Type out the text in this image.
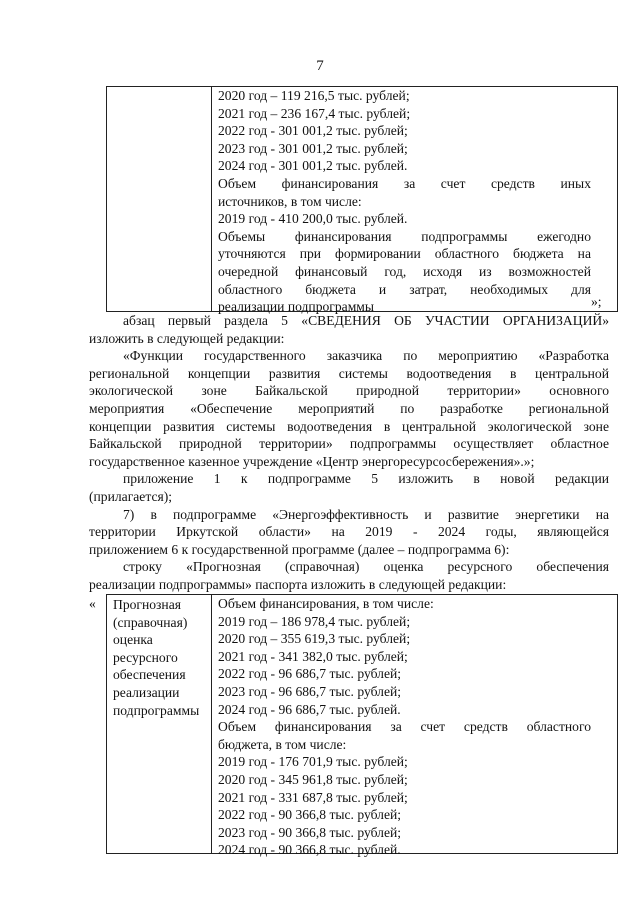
7
2020 год – 119 216,5 тыс. рублей;
2021 год – 236 167,4 тыс. рублей;
2022 год - 301 001,2 тыс. рублей;
2023 год - 301 001,2 тыс. рублей;
2024 год - 301 001,2 тыс. рублей.
Объем финансирования за счет средств иных
источников, в том числе:
2019 год - 410 200,0 тыс. рублей.
Объемы финансирования подпрограммы ежегодно
уточняются при формировании областного бюджета на
очередной финансовый год, исходя из возможностей
областного бюджета и затрат, необходимых для
реализации подпрограммы	»;
абзац первый раздела 5 «СВЕДЕНИЯ ОБ УЧАСТИИ ОРГАНИЗАЦИЙ»
изложить в следующей редакции:
«Функции государственного заказчика по мероприятию «Разработка
региональной концепции развития системы водоотведения в центральной
экологической зоне Байкальской природной территории» основного
мероприятия «Обеспечение мероприятий по разработке региональной
концепции развития системы водоотведения в центральной экологической зоне
Байкальской природной территории» подпрограммы осуществляет областное
государственное казенное учреждение «Центр энергоресурсосбережения».»;
приложение 1 к подпрограмме 5 изложить в новой редакции
(прилагается);
7) в подпрограмме «Энергоэффективность и развитие энергетики на
территории Иркутской области» на 2019 - 2024 годы, являющейся
приложением 6 к государственной программе (далее – подпрограмма 6):
строку «Прогнозная (справочная) оценка ресурсного обеспечения
реализации подпрограммы» паспорта изложить в следующей редакции:
« Прогнозная
(справочная)
оценка
ресурсного
обеспечения
реализации
подпрограммы
Объем финансирования, в том числе:
2019 год – 186 978,4 тыс. рублей;
2020 год – 355 619,3 тыс. рублей;
2021 год - 341 382,0 тыс. рублей;
2022 год - 96 686,7 тыс. рублей;
2023 год - 96 686,7 тыс. рублей;
2024 год - 96 686,7 тыс. рублей.
Объем финансирования за счет средств областного
бюджета, в том числе:
2019 год - 176 701,9 тыс. рублей;
2020 год - 345 961,8 тыс. рублей;
2021 год - 331 687,8 тыс. рублей;
2022 год - 90 366,8 тыс. рублей;
2023 год - 90 366,8 тыс. рублей;
2024 год - 90 366,8 тыс. рублей.
